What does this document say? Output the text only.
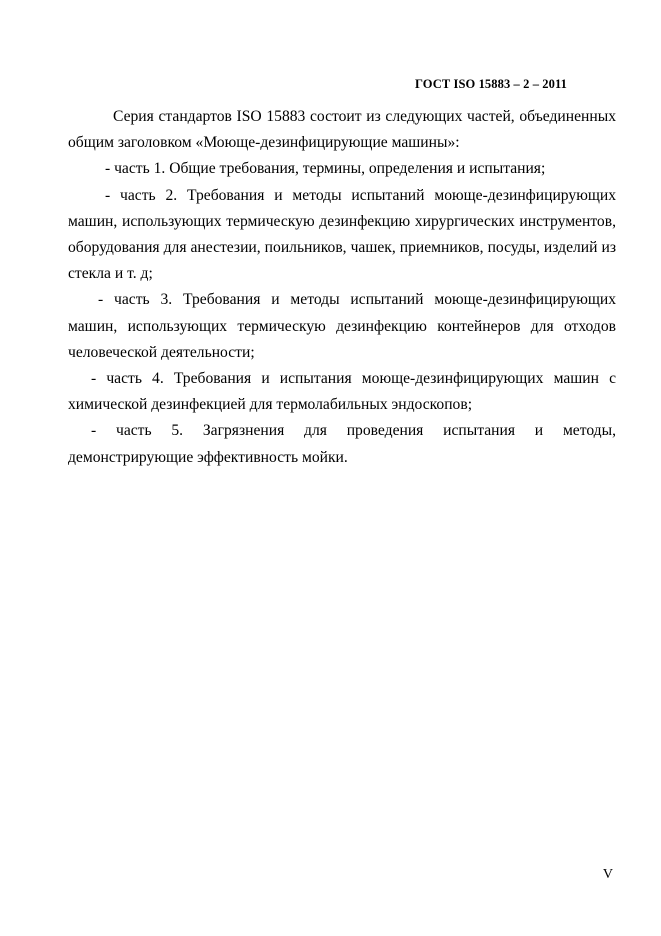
ГОСТ ISO 15883 – 2 – 2011

Серия стандартов ISO 15883 состоит из следующих частей, объединенных общим заголовком «Моюще-дезинфицирующие машины»:

- часть 1. Общие требования, термины, определения и испытания;

- часть 2. Требования и методы испытаний моюще-дезинфицирующих машин, использующих термическую дезинфекцию хирургических инструментов, оборудования для анестезии, поильников, чашек, приемников, посуды, изделий из стекла и т. д;

- часть 3. Требования и методы испытаний моюще-дезинфицирующих машин, использующих термическую дезинфекцию контейнеров для отходов человеческой деятельности;

- часть 4. Требования и испытания моюще-дезинфицирующих машин с химической дезинфекцией для термолабильных эндоскопов;

- часть 5. Загрязнения для проведения испытания и методы, демонстрирующие эффективность мойки.

V
